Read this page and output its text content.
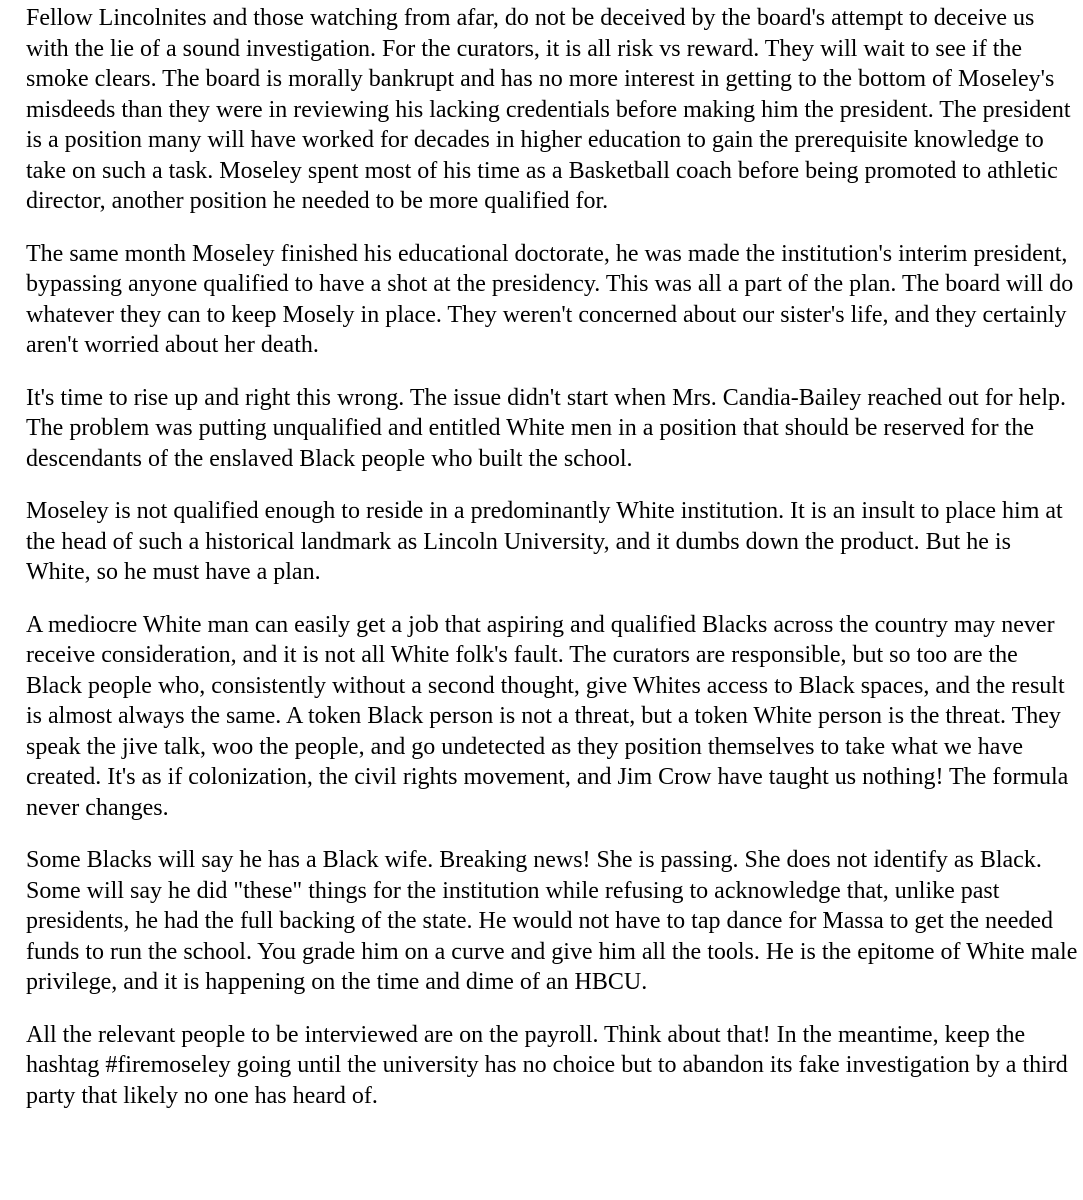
Fellow Lincolnites and those watching from afar, do not be deceived by the board's attempt to deceive us with the lie of a sound investigation. For the curators, it is all risk vs reward. They will wait to see if the smoke clears. The board is morally bankrupt and has no more interest in getting to the bottom of Moseley's misdeeds than they were in reviewing his lacking credentials before making him the president. The president is a position many will have worked for decades in higher education to gain the prerequisite knowledge to take on such a task. Moseley spent most of his time as a Basketball coach before being promoted to athletic director, another position he needed to be more qualified for.

The same month Moseley finished his educational doctorate, he was made the institution's interim president, bypassing anyone qualified to have a shot at the presidency. This was all a part of the plan. The board will do whatever they can to keep Mosely in place. They weren't concerned about our sister's life, and they certainly aren't worried about her death.

It's time to rise up and right this wrong. The issue didn't start when Mrs. Candia-Bailey reached out for help. The problem was putting unqualified and entitled White men in a position that should be reserved for the descendants of the enslaved Black people who built the school.

Moseley is not qualified enough to reside in a predominantly White institution. It is an insult to place him at the head of such a historical landmark as Lincoln University, and it dumbs down the product. But he is White, so he must have a plan.

A mediocre White man can easily get a job that aspiring and qualified Blacks across the country may never receive consideration, and it is not all White folk's fault. The curators are responsible, but so too are the Black people who, consistently without a second thought, give Whites access to Black spaces, and the result is almost always the same. A token Black person is not a threat, but a token White person is the threat. They speak the jive talk, woo the people, and go undetected as they position themselves to take what we have created. It's as if colonization, the civil rights movement, and Jim Crow have taught us nothing! The formula never changes.

Some Blacks will say he has a Black wife. Breaking news! She is passing. She does not identify as Black. Some will say he did "these" things for the institution while refusing to acknowledge that, unlike past presidents, he had the full backing of the state. He would not have to tap dance for Massa to get the needed funds to run the school. You grade him on a curve and give him all the tools. He is the epitome of White male privilege, and it is happening on the time and dime of an HBCU.

All the relevant people to be interviewed are on the payroll. Think about that! In the meantime, keep the hashtag #firemoseley going until the university has no choice but to abandon its fake investigation by a third party that likely no one has heard of.
